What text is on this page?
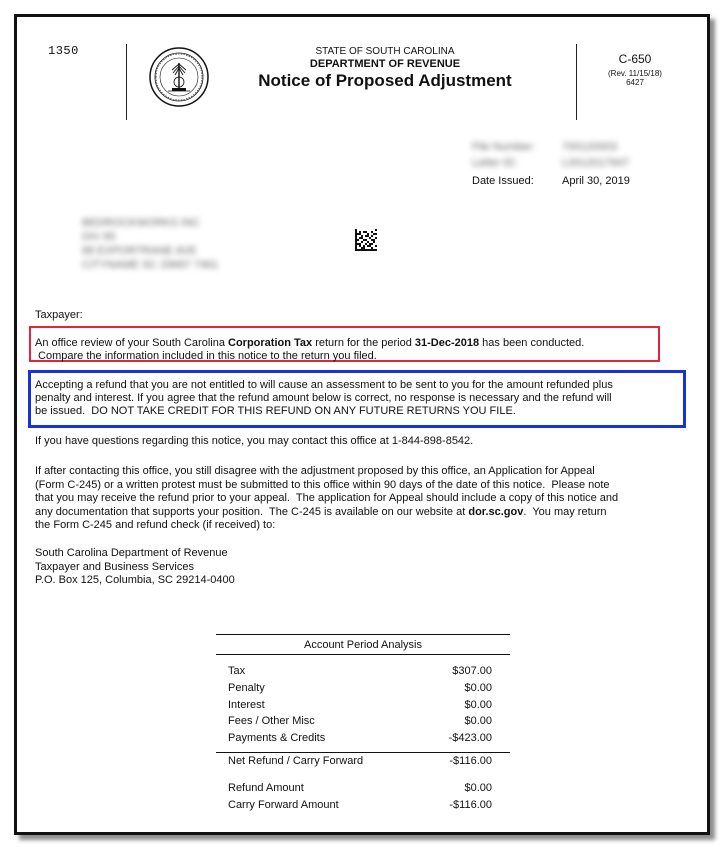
1350	STATE OF SOUTH CAROLINA
DEPARTMENT OF REVENUE
Notice of Proposed Adjustment
C-650
(Rev. 11/15/18)
6427
File Number: 700120003
Letter ID:	L0012017647
Date Issued:	April 30, 2019
BEDROCKWORKS INC
DIV 85
88 EXPORTRANE AVE
CITYNAME SC 29687 7461
Taxpayer:
An office review of your South Carolina Corporation Tax return for the period 31-Dec-2018 has been conducted.
Compare the information included in this notice to the return you filed.
Accepting a refund that you are not entitled to will cause an assessment to be sent to you for the amount refunded plus
penalty and interest. If you agree that the refund amount below is correct, no response is necessary and the refund will
be issued.  DO NOT TAKE CREDIT FOR THIS REFUND ON ANY FUTURE RETURNS YOU FILE.
If you have questions regarding this notice, you may contact this office at 1-844-898-8542.
If after contacting this office, you still disagree with the adjustment proposed by this office, an Application for Appeal
(Form C-245) or a written protest must be submitted to this office within 90 days of the date of this notice.  Please note
that you may receive the refund prior to your appeal.  The application for Appeal should include a copy of this notice and
any documentation that supports your position.  The C-245 is available on our website at dor.sc.gov.  You may return
the Form C-245 and refund check (if received) to:
South Carolina Department of Revenue
Taxpayer and Business Services
P.O. Box 125, Columbia, SC 29214-0400
Account Period Analysis
Tax	$307.00
Penalty	$0.00
Interest	$0.00
Fees / Other Misc	$0.00
Payments & Credits	-$423.00
Net Refund / Carry Forward	-$116.00
Refund Amount	$0.00
Carry Forward Amount	-$116.00
